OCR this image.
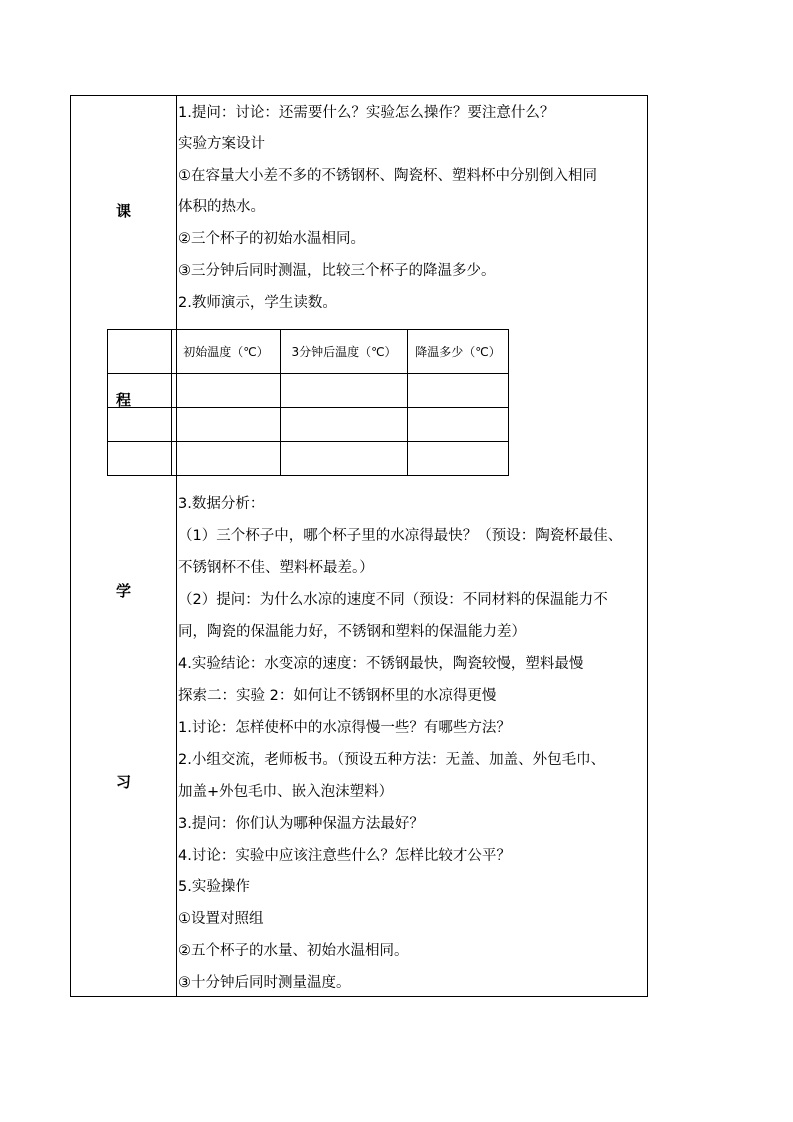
课
程
学
习
1.提问：讨论：还需要什么？实验怎么操作？要注意什么？
实验方案设计
①在容量大小差不多的不锈钢杯、陶瓷杯、塑料杯中分别倒入相同
体积的热水。
②三个杯子的初始水温相同。
③三分钟后同时测温，比较三个杯子的降温多少。
2.教师演示，学生读数。
3.数据分析：
（1）三个杯子中，哪个杯子里的水凉得最快？（预设：陶瓷杯最佳、
不锈钢杯不佳、塑料杯最差。）
（2）提问：为什么水凉的速度不同（预设：不同材料的保温能力不
同，陶瓷的保温能力好，不锈钢和塑料的保温能力差）
4.实验结论：水变凉的速度：不锈钢最快，陶瓷较慢，塑料最慢
探索二：实验 2：如何让不锈钢杯里的水凉得更慢
1.讨论：怎样使杯中的水凉得慢一些？有哪些方法？
2.小组交流，老师板书。（预设五种方法：无盖、加盖、外包毛巾、
加盖+外包毛巾、嵌入泡沫塑料）
3.提问：你们认为哪种保温方法最好？
4.讨论：实验中应该注意些什么？怎样比较才公平？
5.实验操作
①设置对照组
②五个杯子的水量、初始水温相同。
③十分钟后同时测量温度。
	初始温度（℃）	3分钟后温度（℃）	降温多少（℃）
